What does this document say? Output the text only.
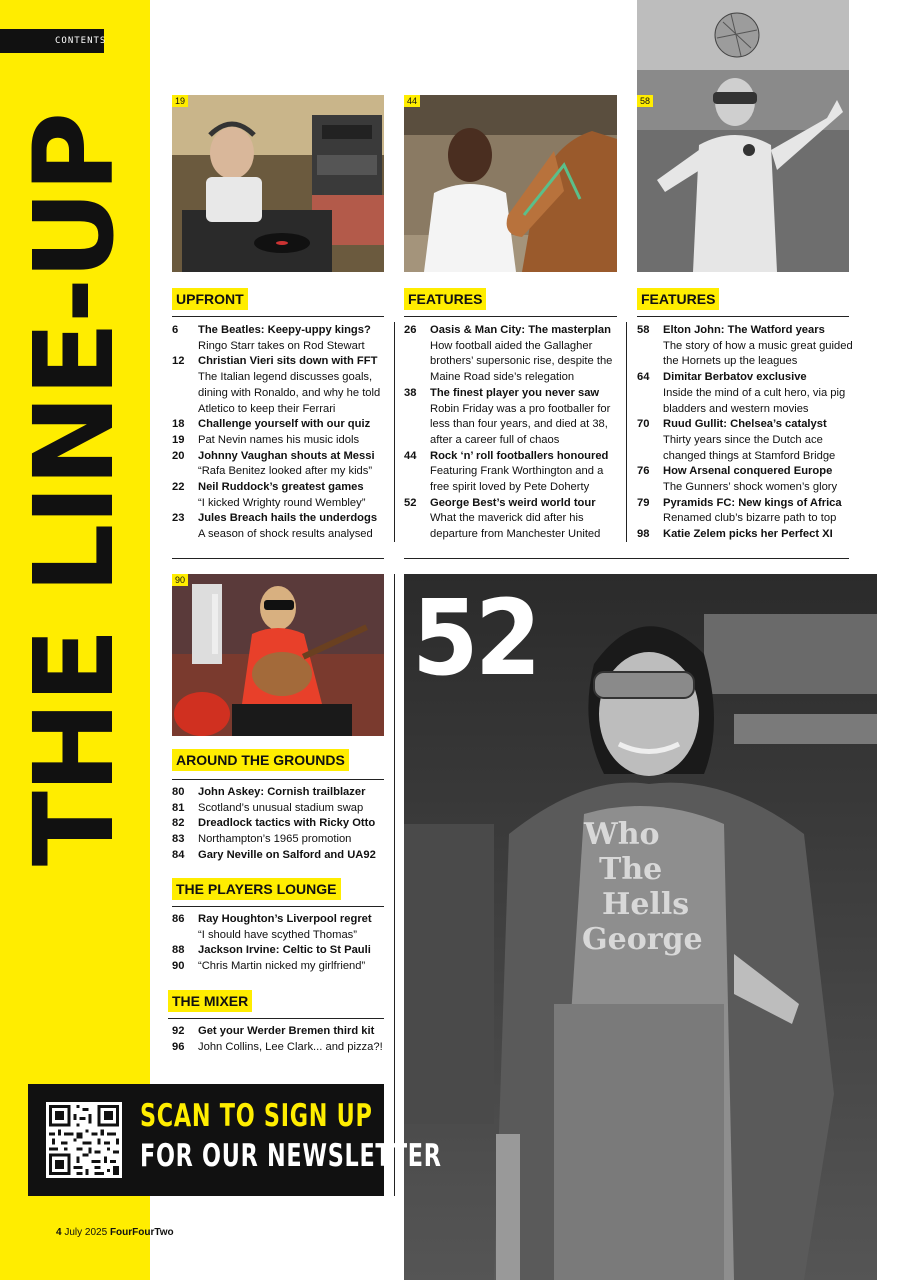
CONTENTS
THE LINE-UP
19	44	58
UPFRONT	FEATURES	FEATURES
6	The Beatles: Keepy-uppy kings?
Ringo Starr takes on Rod Stewart
12	Christian Vieri sits down with FFT
The Italian legend discusses goals, dining with Ronaldo, and why he told Atletico to keep their Ferrari
18	Challenge yourself with our quiz
19	Pat Nevin names his music idols
20	Johnny Vaughan shouts at Messi
“Rafa Benitez looked after my kids”
22	Neil Ruddock’s greatest games
“I kicked Wrighty round Wembley”
23	Jules Breach hails the underdogs
A season of shock results analysed
26	Oasis & Man City: The masterplan
How football aided the Gallagher brothers’ supersonic rise, despite the Maine Road side’s relegation
38	The finest player you never saw
Robin Friday was a pro footballer for less than four years, and died at 38, after a career full of chaos
44	Rock ‘n’ roll footballers honoured
Featuring Frank Worthington and a free spirit loved by Pete Doherty
52	George Best’s weird world tour
What the maverick did after his departure from Manchester United
58	Elton John: The Watford years
The story of how a music great guided the Hornets up the leagues
64	Dimitar Berbatov exclusive
Inside the mind of a cult hero, via pig bladders and western movies
70	Ruud Gullit: Chelsea’s catalyst
Thirty years since the Dutch ace changed things at Stamford Bridge
76	How Arsenal conquered Europe
The Gunners’ shock women’s glory
79	Pyramids FC: New kings of Africa
Renamed club’s bizarre path to top
98	Katie Zelem picks her Perfect XI
90
AROUND THE GROUNDS
80	John Askey: Cornish trailblazer
81	Scotland’s unusual stadium swap
82	Dreadlock tactics with Ricky Otto
83	Northampton’s 1965 promotion
84	Gary Neville on Salford and UA92
THE PLAYERS LOUNGE
86	Ray Houghton’s Liverpool regret
“I should have scythed Thomas”
88	Jackson Irvine: Celtic to St Pauli
90	“Chris Martin nicked my girlfriend”
THE MIXER
92	Get your Werder Bremen third kit
96	John Collins, Lee Clark... and pizza?!
Who
The
Hells
George
52
SCAN TO SIGN UP
FOR OUR NEWSLETTER
4 July 2025 FourFourTwo
